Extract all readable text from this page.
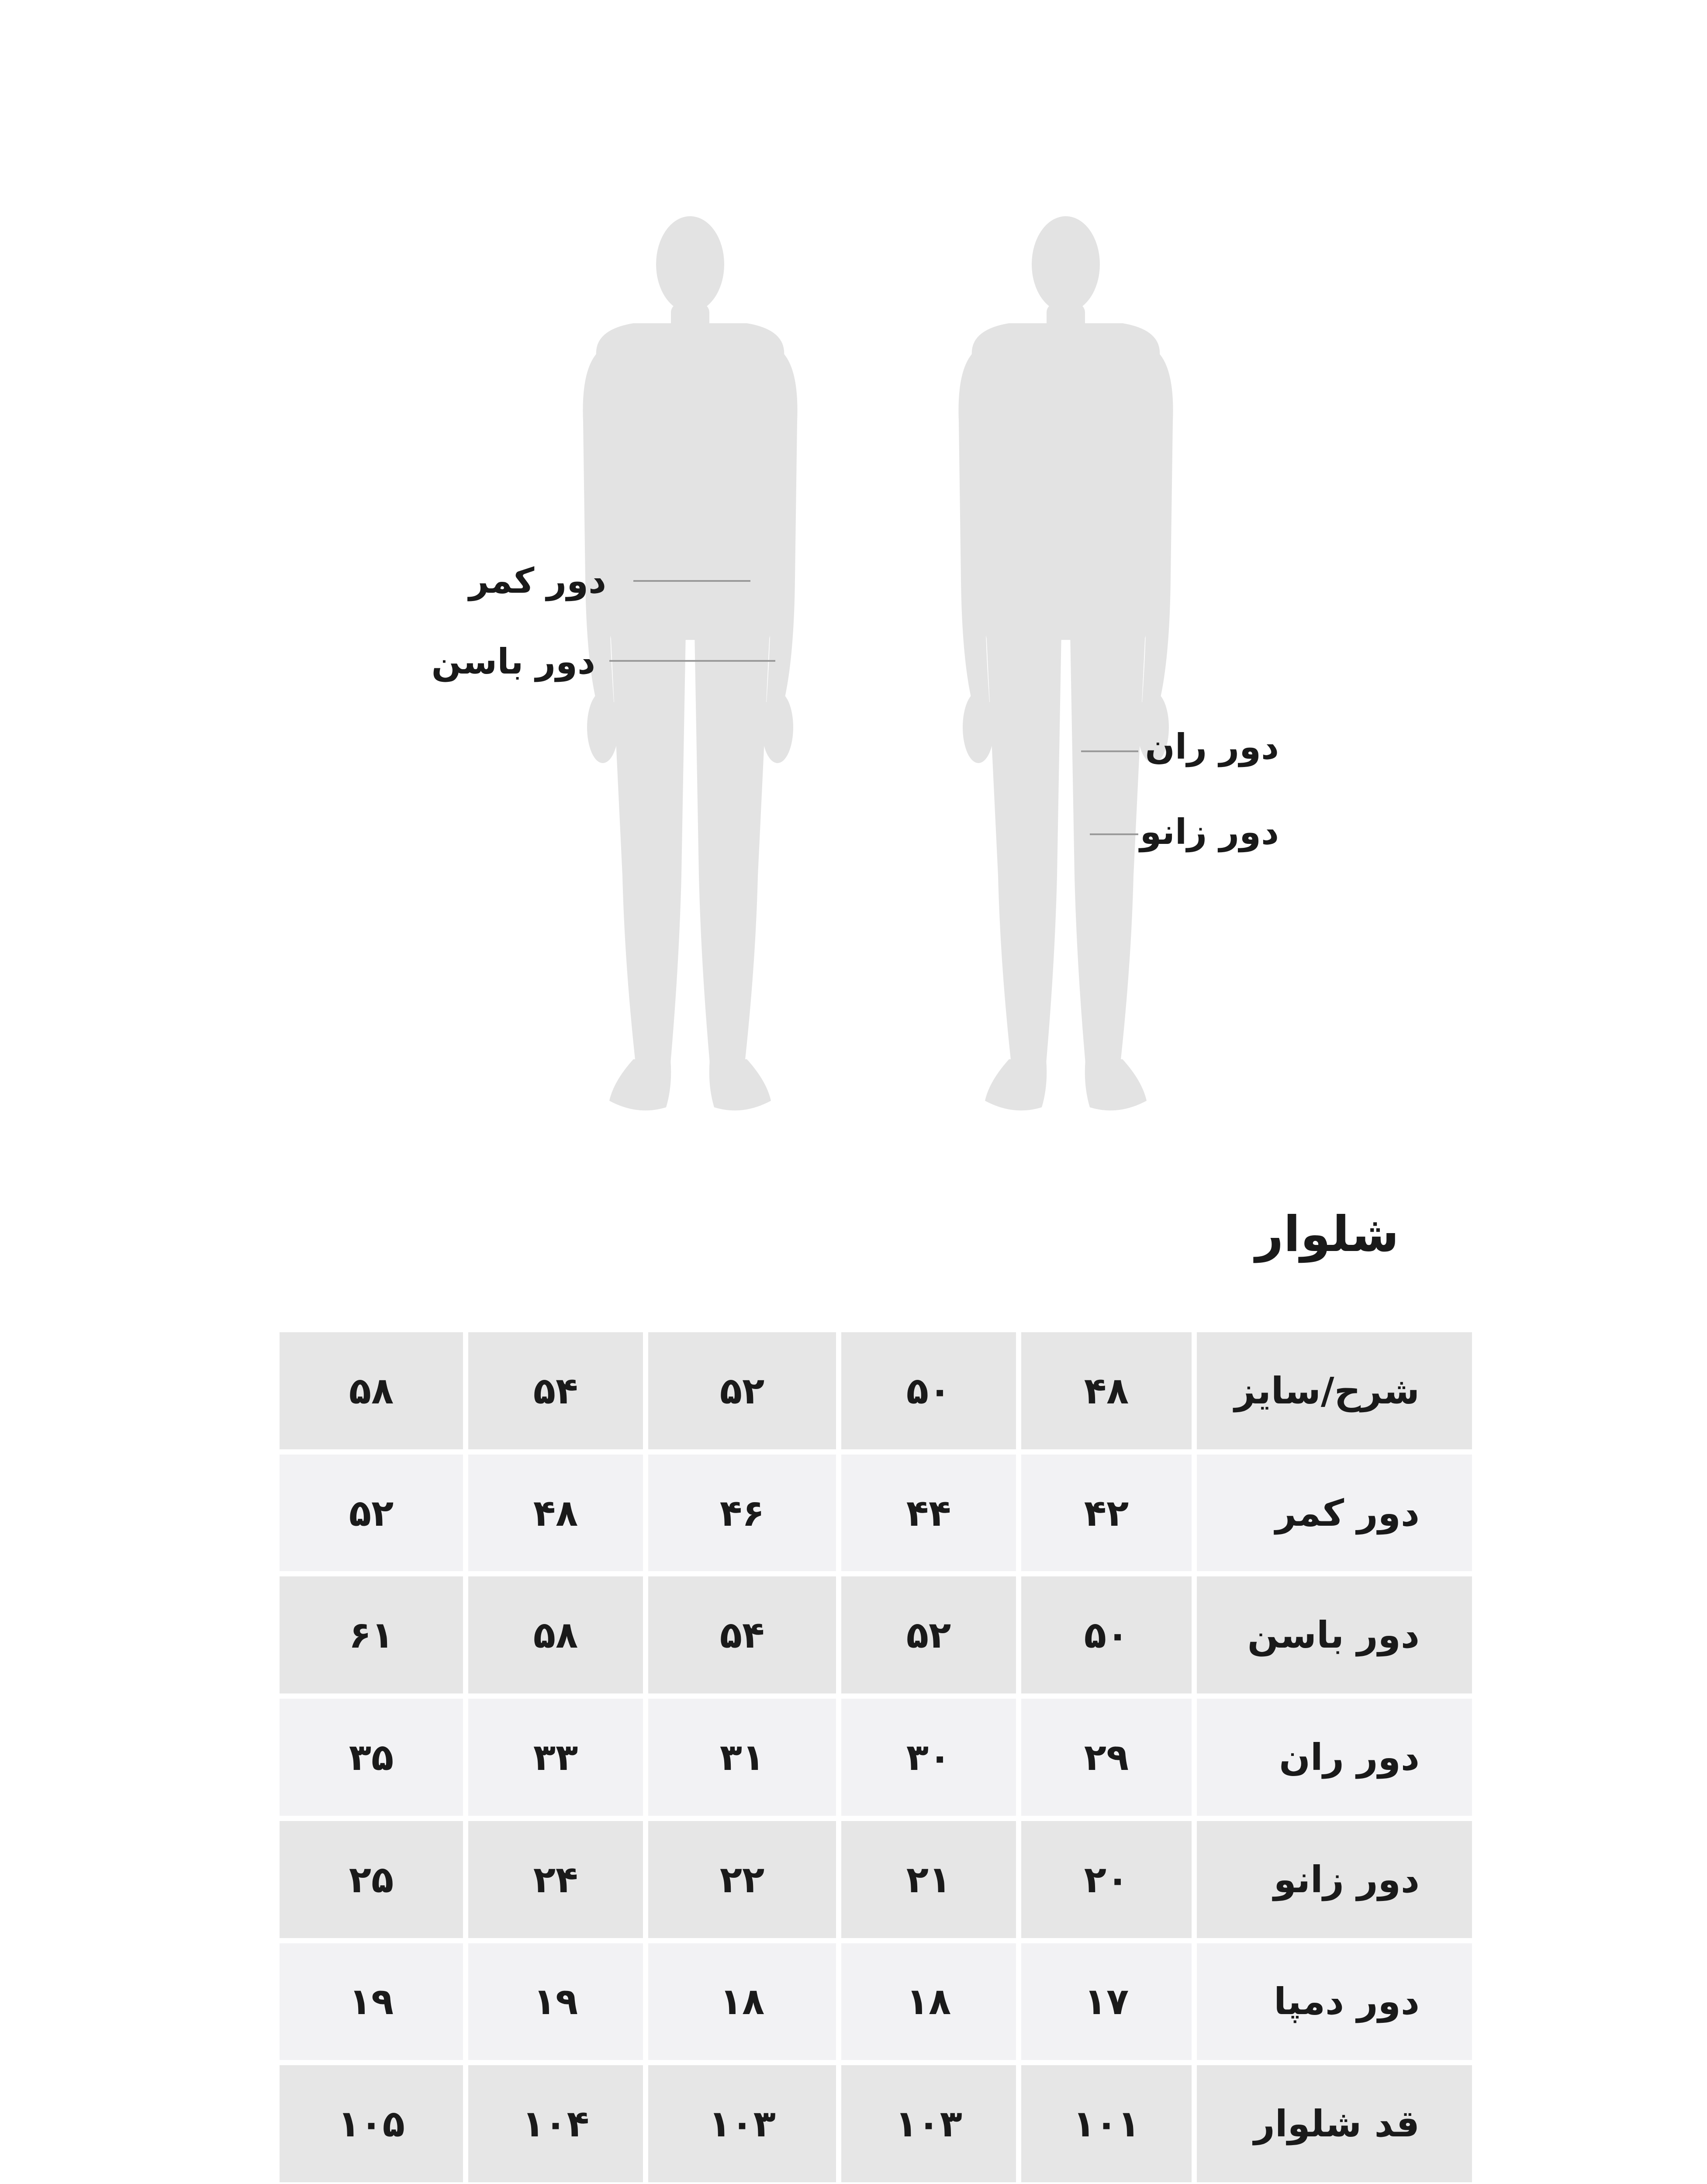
دور کمر
دور باسن
دور ران
دور زانو
شلوار
شرح/سایز	۴۸	۵۰	۵۲	۵۴	۵۸
دور کمر	۴۲	۴۴	۴۶	۴۸	۵۲
دور باسن	۵۰	۵۲	۵۴	۵۸	۶۱
دور ران	۲۹	۳۰	۳۱	۳۳	۳۵
دور زانو	۲۰	۲۱	۲۲	۲۴	۲۵
دور دمپا	۱۷	۱۸	۱۸	۱۹	۱۹
قد شلوار	۱۰۱	۱۰۳	۱۰۳	۱۰۴	۱۰۵
